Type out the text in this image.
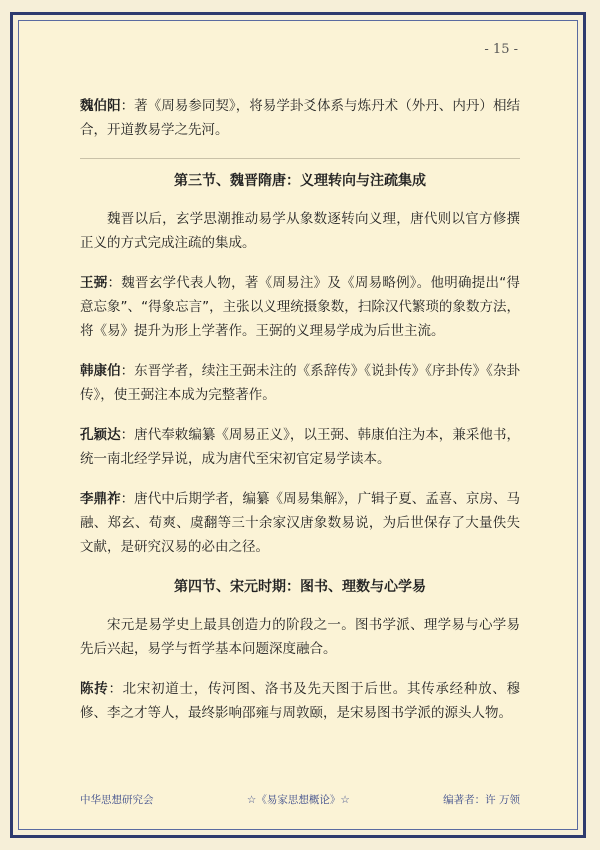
- 15 -

魏伯阳：著《周易参同契》，将易学卦爻体系与炼丹术（外丹、内丹）相结合，开道教易学之先河。

第三节、魏晋隋唐：义理转向与注疏集成

魏晋以后，玄学思潮推动易学从象数逐转向义理，唐代则以官方修撰正义的方式完成注疏的集成。

王弼：魏晋玄学代表人物，著《周易注》及《周易略例》。他明确提出“得意忘象”、“得象忘言”，主张以义理统摄象数，扫除汉代繁琐的象数方法，将《易》提升为形上学著作。王弼的义理易学成为后世主流。

韩康伯：东晋学者，续注王弼未注的《系辞传》《说卦传》《序卦传》《杂卦传》，使王弼注本成为完整著作。

孔颖达：唐代奉敕编纂《周易正义》，以王弼、韩康伯注为本，兼采他书，统一南北经学异说，成为唐代至宋初官定易学读本。

李鼎祚：唐代中后期学者，编纂《周易集解》，广辑子夏、孟喜、京房、马融、郑玄、荀爽、虞翻等三十余家汉唐象数易说，为后世保存了大量佚失文献，是研究汉易的必由之径。

第四节、宋元时期：图书、理数与心学易

宋元是易学史上最具创造力的阶段之一。图书学派、理学易与心学易先后兴起，易学与哲学基本问题深度融合。

陈抟：北宋初道士，传河图、洛书及先天图于后世。其传承经种放、穆修、李之才等人，最终影响邵雍与周敦颐，是宋易图书学派的源头人物。

中华思想研究会	☆《易家思想概论》☆	编著者：许 万领
